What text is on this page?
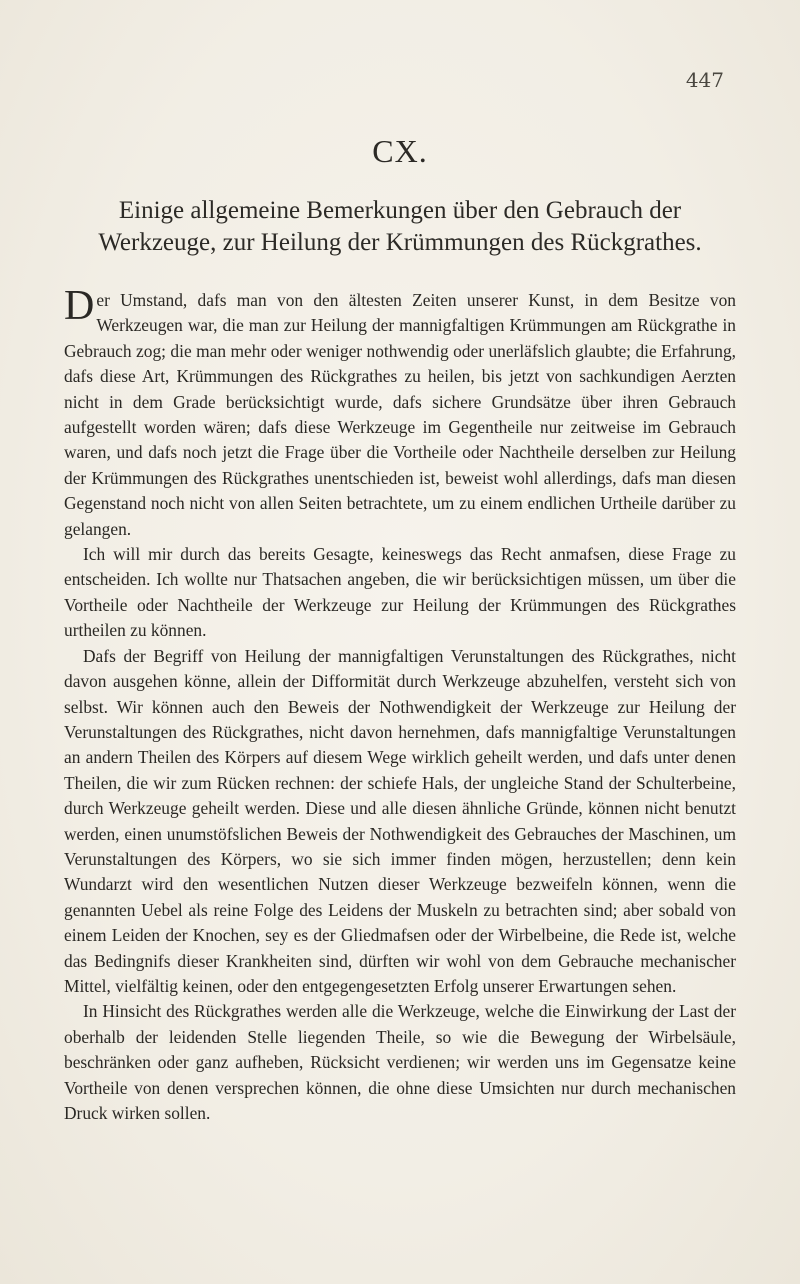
447
CX.
Einige allgemeine Bemerkungen über den Gebrauch der Werkzeuge, zur Heilung der Krümmungen des Rückgrathes.

Der Umstand, dafs man von den ältesten Zeiten unserer Kunst, in dem Besitze von Werkzeugen war, die man zur Heilung der mannigfaltigen Krümmungen am Rückgrathe in Gebrauch zog; die man mehr oder weniger nothwendig oder unerläfslich glaubte; die Erfahrung, dafs diese Art, Krümmungen des Rückgrathes zu heilen, bis jetzt von sachkundigen Aerzten nicht in dem Grade berücksichtigt wurde, dafs sichere Grundsätze über ihren Gebrauch aufgestellt worden wären; dafs diese Werkzeuge im Gegentheile nur zeitweise im Gebrauch waren, und dafs noch jetzt die Frage über die Vortheile oder Nachtheile derselben zur Heilung der Krümmungen des Rückgrathes unentschieden ist, beweist wohl allerdings, dafs man diesen Gegenstand noch nicht von allen Seiten betrachtete, um zu einem endlichen Urtheile darüber zu gelangen.

Ich will mir durch das bereits Gesagte, keineswegs das Recht anmafsen, diese Frage zu entscheiden. Ich wollte nur Thatsachen angeben, die wir berücksichtigen müssen, um über die Vortheile oder Nachtheile der Werkzeuge zur Heilung der Krümmungen des Rückgrathes urtheilen zu können.

Dafs der Begriff von Heilung der mannigfaltigen Verunstaltungen des Rückgrathes, nicht davon ausgehen könne, allein der Difformität durch Werkzeuge abzuhelfen, versteht sich von selbst. Wir können auch den Beweis der Nothwendigkeit der Werkzeuge zur Heilung der Verunstaltungen des Rückgrathes, nicht davon hernehmen, dafs mannigfaltige Verunstaltungen an andern Theilen des Körpers auf diesem Wege wirklich geheilt werden, und dafs unter denen Theilen, die wir zum Rücken rechnen: der schiefe Hals, der ungleiche Stand der Schulterbeine, durch Werkzeuge geheilt werden. Diese und alle diesen ähnliche Gründe, können nicht benutzt werden, einen unumstöfslichen Beweis der Nothwendigkeit des Gebrauches der Maschinen, um Verunstaltungen des Körpers, wo sie sich immer finden mögen, herzustellen; denn kein Wundarzt wird den wesentlichen Nutzen dieser Werkzeuge bezweifeln können, wenn die genannten Uebel als reine Folge des Leidens der Muskeln zu betrachten sind; aber sobald von einem Leiden der Knochen, sey es der Gliedmafsen oder der Wirbelbeine, die Rede ist, welche das Bedingnifs dieser Krankheiten sind, dürften wir wohl von dem Gebrauche mechanischer Mittel, vielfältig keinen, oder den entgegengesetzten Erfolg unserer Erwartungen sehen.

In Hinsicht des Rückgrathes werden alle die Werkzeuge, welche die Einwirkung der Last der oberhalb der leidenden Stelle liegenden Theile, so wie die Bewegung der Wirbelsäule, beschränken oder ganz aufheben, Rücksicht verdienen; wir werden uns im Gegensatze keine Vortheile von denen versprechen können, die ohne diese Umsichten nur durch mechanischen Druck wirken sollen.
